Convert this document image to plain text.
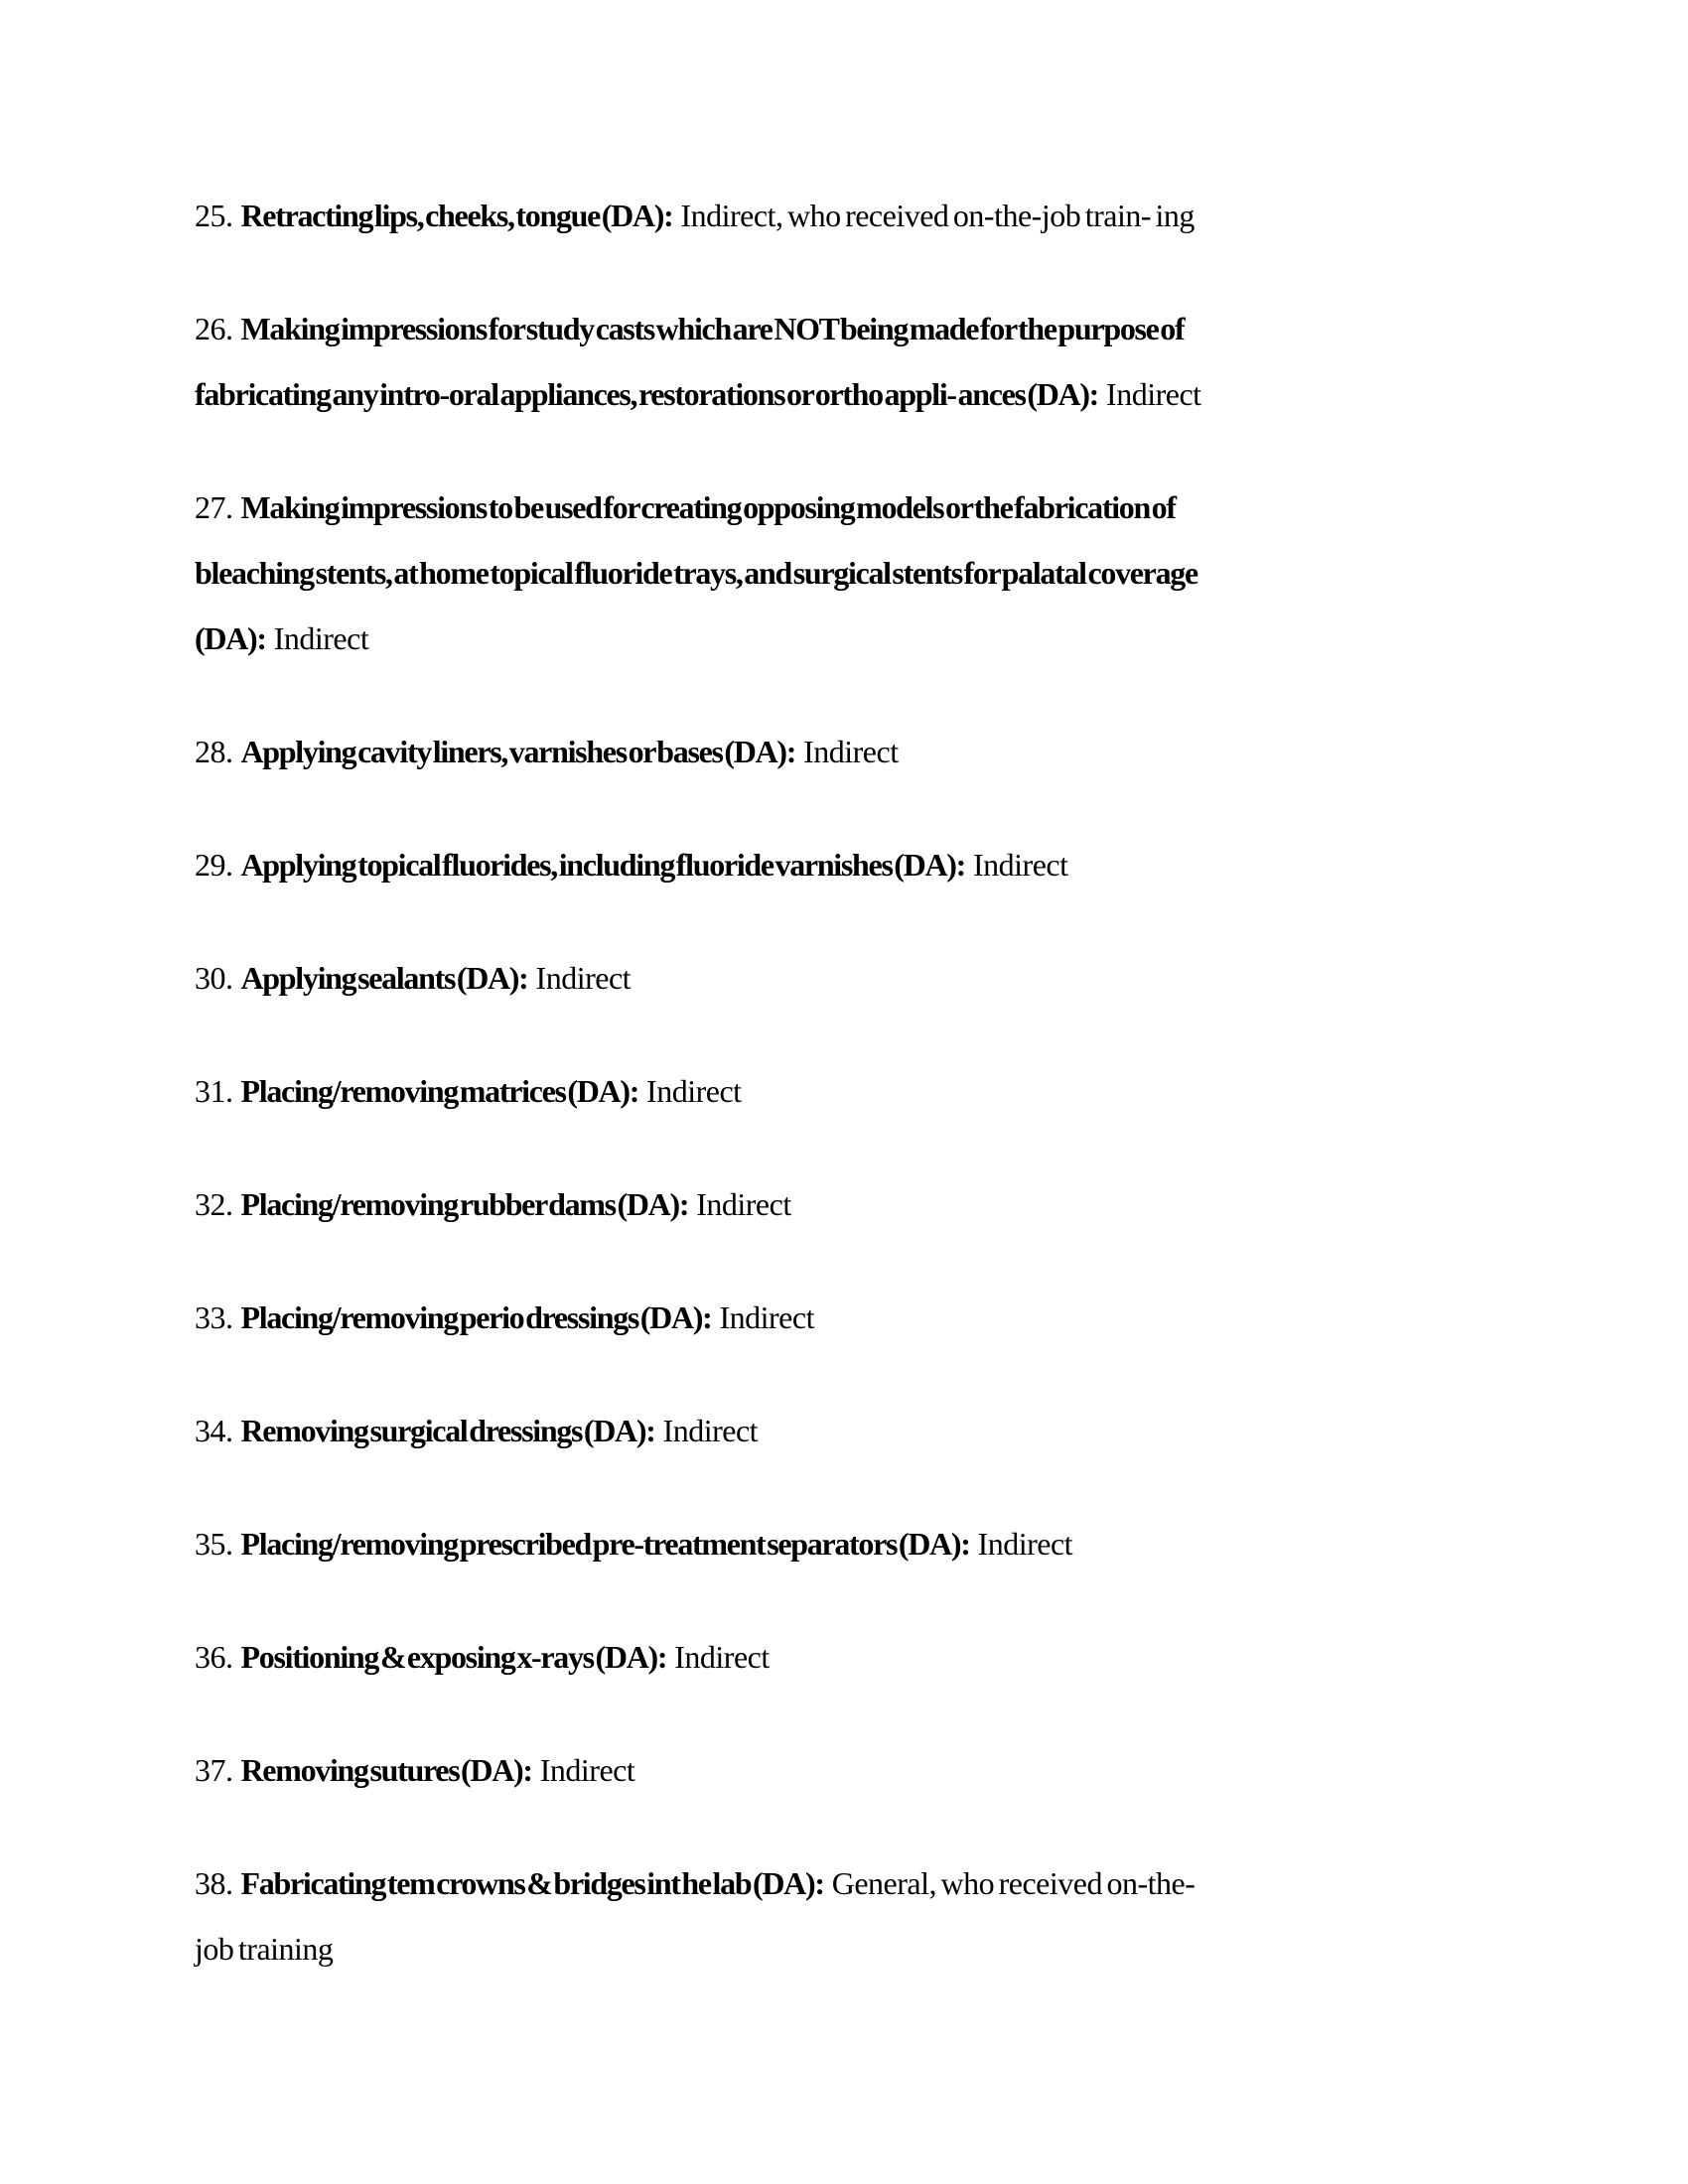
25. Retracting lips, cheeks, tongue (DA): Indirect, who received on-the-job train- ing

26. Making impressions for study casts which are NOT being made for the purpose of fabricating any intro-oral appliances, restorations or ortho appli- ances (DA): Indirect

27. Making impressions to be used for creating opposing models or the fabrication of bleaching stents, at home topical fluoride trays, and surgical stents for palatal coverage (DA): Indirect

28. Applying cavity liners, varnishes or bases (DA): Indirect

29. Applying topical fluorides, including fluoride varnishes (DA): Indirect

30. Applying sealants (DA): Indirect

31. Placing/removing matrices (DA): Indirect

32. Placing/removing rubber dams (DA): Indirect

33. Placing/removing perio dressings (DA): Indirect

34. Removing surgical dressings (DA): Indirect

35. Placing/removing prescribed pre-treatment separators (DA): Indirect

36. Positioning & exposing x-rays (DA): Indirect

37. Removing sutures (DA): Indirect

38. Fabricating tem crowns & bridges int he lab (DA): General, who received on-the-job training
